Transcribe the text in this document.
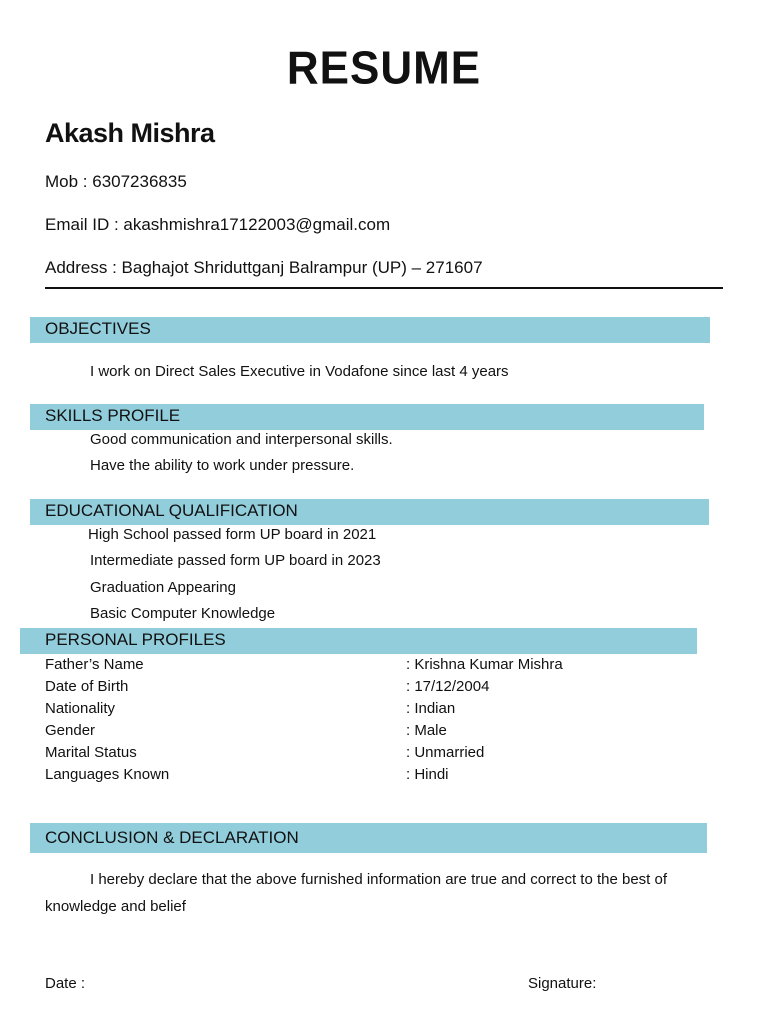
RESUME
Akash Mishra
Mob : 6307236835
Email ID : akashmishra17122003@gmail.com
Address : Baghajot Shriduttganj Balrampur (UP) – 271607
OBJECTIVES
I work on Direct Sales Executive in Vodafone since last 4 years
SKILLS PROFILE
Good communication and interpersonal skills.
Have the ability to work under pressure.
EDUCATIONAL QUALIFICATION
High School passed form UP board in 2021
Intermediate passed form UP board in 2023
Graduation Appearing
Basic Computer Knowledge
PERSONAL PROFILES
Father’s Name	: Krishna Kumar Mishra
Date of Birth	: 17/12/2004
Nationality	: Indian
Gender	: Male
Marital Status	: Unmarried
Languages Known	: Hindi
CONCLUSION & DECLARATION
I hereby declare that the above furnished information are true and correct to the best of
knowledge and belief
Date :	Signature:
